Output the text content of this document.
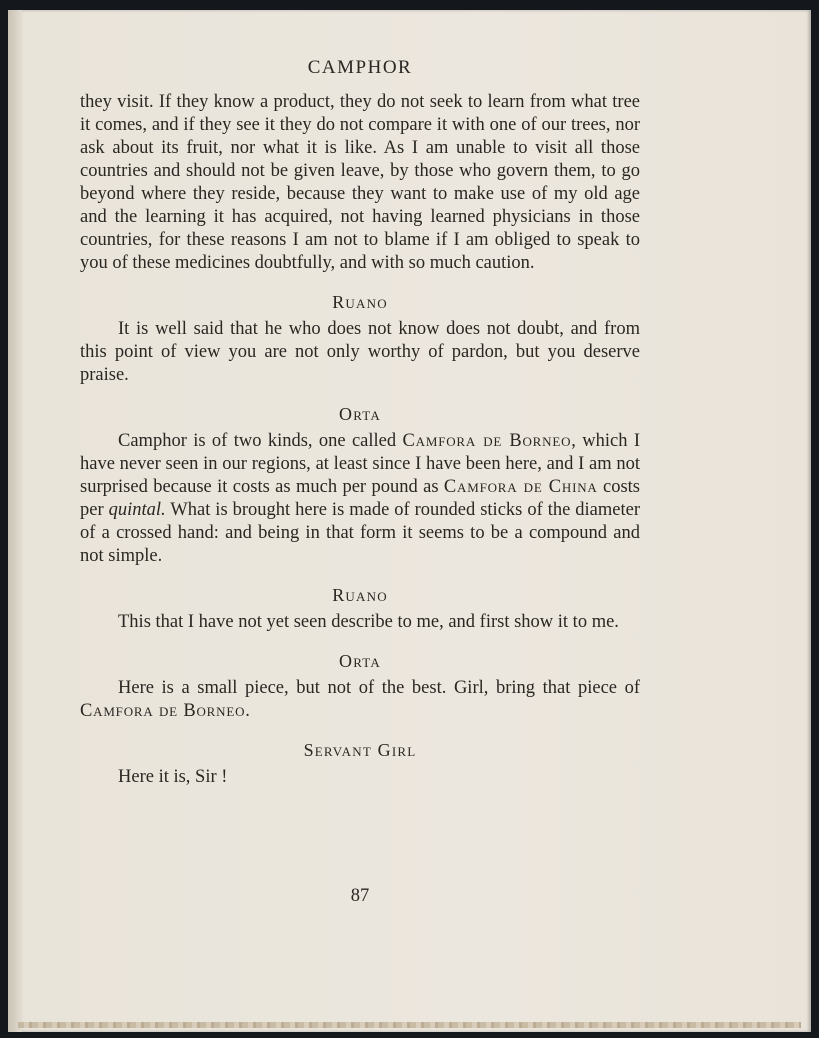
CAMPHOR

they visit. If they know a product, they do not seek to learn from what tree it comes, and if they see it they do not compare it with one of our trees, nor ask about its fruit, nor what it is like. As I am unable to visit all those countries and should not be given leave, by those who govern them, to go beyond where they reside, because they want to make use of my old age and the learning it has acquired, not having learned physicians in those countries, for these reasons I am not to blame if I am obliged to speak to you of these medicines doubtfully, and with so much caution.

Ruano

It is well said that he who does not know does not doubt, and from this point of view you are not only worthy of pardon, but you deserve praise.

Orta

Camphor is of two kinds, one called Camfora de Borneo, which I have never seen in our regions, at least since I have been here, and I am not surprised because it costs as much per pound as Camfora de China costs per quintal. What is brought here is made of rounded sticks of the diameter of a crossed hand: and being in that form it seems to be a compound and not simple.

Ruano

This that I have not yet seen describe to me, and first show it to me.

Orta

Here is a small piece, but not of the best. Girl, bring that piece of Camfora de Borneo.

Servant Girl

Here it is, Sir !

87
